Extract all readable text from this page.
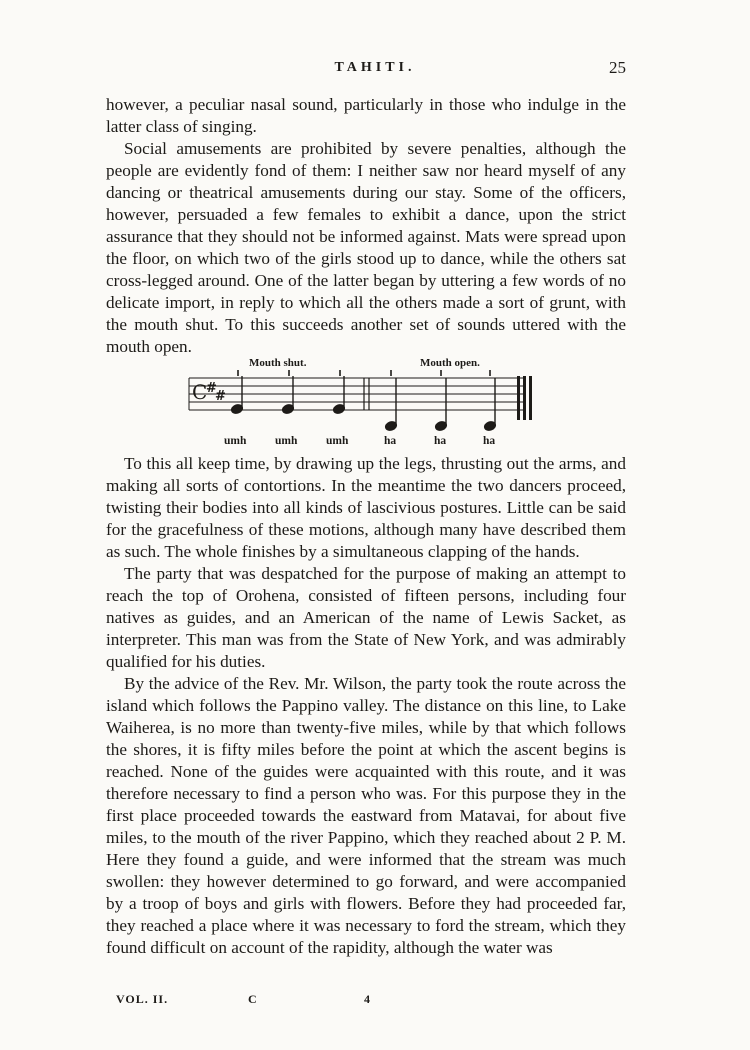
TAHITI.	25

however, a peculiar nasal sound, particularly in those who indulge in the latter class of singing.

Social amusements are prohibited by severe penalties, although the people are evidently fond of them: I neither saw nor heard myself of any dancing or theatrical amusements during our stay. Some of the officers, however, persuaded a few females to exhibit a dance, upon the strict assurance that they should not be informed against. Mats were spread upon the floor, on which two of the girls stood up to dance, while the others sat cross-legged around. One of the latter began by uttering a few words of no delicate import, in reply to which all the others made a sort of grunt, with the mouth shut. To this succeeds another set of sounds uttered with the mouth open.

Mouth shut.	Mouth open.
C
#
#
umh umh umh	ha	ha	ha

To this all keep time, by drawing up the legs, thrusting out the arms, and making all sorts of contortions. In the meantime the two dancers proceed, twisting their bodies into all kinds of lascivious postures. Little can be said for the gracefulness of these motions, although many have described them as such. The whole finishes by a simultaneous clapping of the hands.

The party that was despatched for the purpose of making an attempt to reach the top of Orohena, consisted of fifteen persons, including four natives as guides, and an American of the name of Lewis Sacket, as interpreter. This man was from the State of New York, and was admirably qualified for his duties.

By the advice of the Rev. Mr. Wilson, the party took the route across the island which follows the Pappino valley. The distance on this line, to Lake Waiherea, is no more than twenty-five miles, while by that which follows the shores, it is fifty miles before the point at which the ascent begins is reached. None of the guides were acquainted with this route, and it was therefore necessary to find a person who was. For this purpose they in the first place proceeded towards the eastward from Matavai, for about five miles, to the mouth of the river Pappino, which they reached about 2 P. M. Here they found a guide, and were informed that the stream was much swollen: they however determined to go forward, and were accompanied by a troop of boys and girls with flowers. Before they had proceeded far, they reached a place where it was necessary to ford the stream, which they found difficult on account of the rapidity, although the water was

VOL. II.	C	4
